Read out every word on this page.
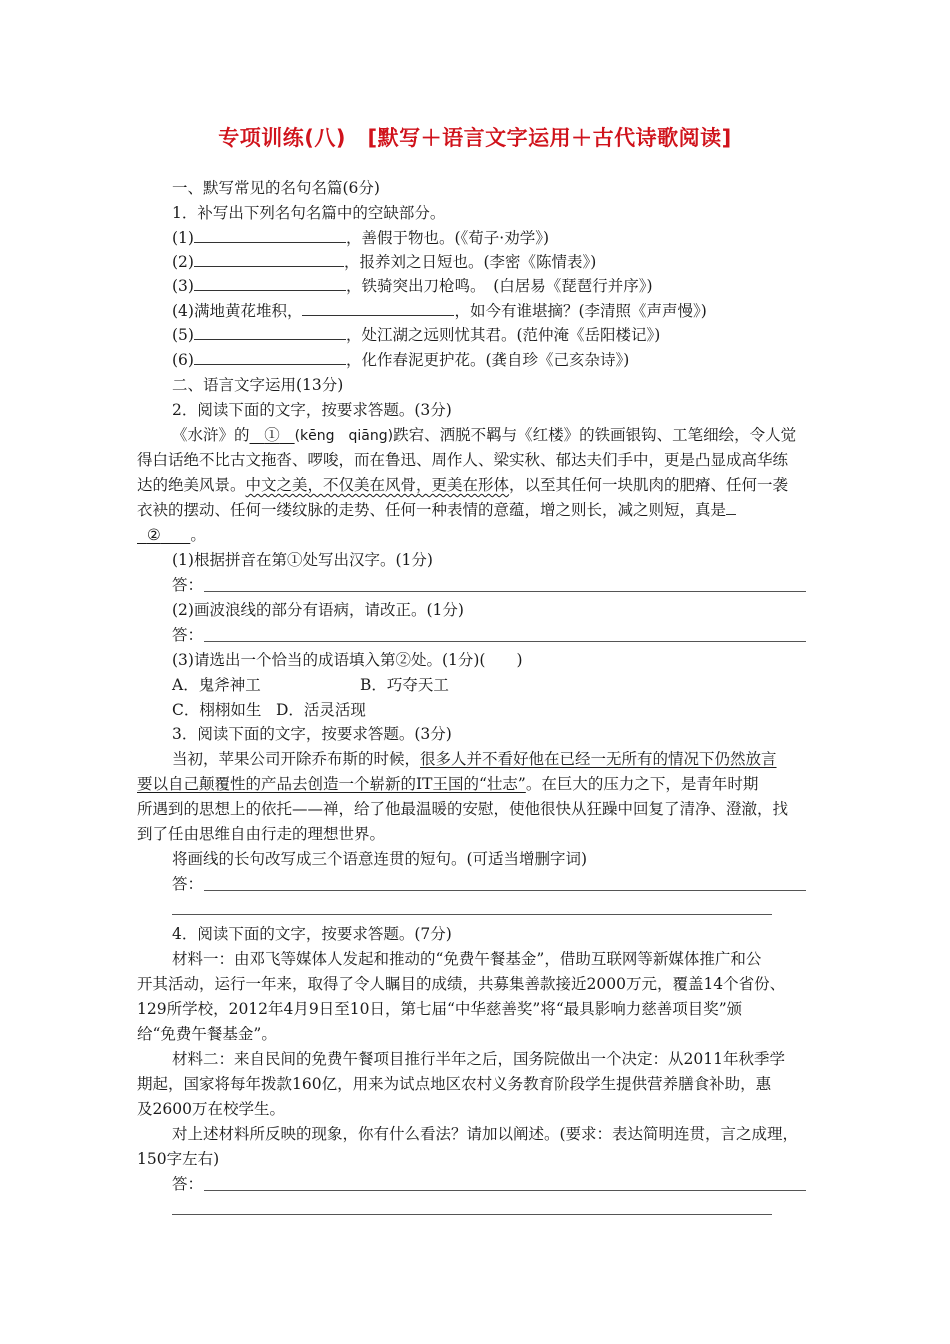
专项训练(八)　[默写＋语言文字运用＋古代诗歌阅读]
一、默写常见的名句名篇(6分)
1．补写出下列名句名篇中的空缺部分。
(1)	，善假于物也。(《荀子·劝学》)
(2)	，报养刘之日短也。(李密《陈情表》)
(3)	，铁骑突出刀枪鸣。　(白居易《琵琶行并序》)
(4)满地黄花堆积，	，如今有谁堪摘？(李清照《声声慢》)
(5)	，处江湖之远则忧其君。(范仲淹《岳阳楼记》)
(6)	，化作春泥更护花。(龚自珍《己亥杂诗》)
二、语言文字运用(13分)
2．阅读下面的文字，按要求答题。(3分)
《水浒》的 ① (kēng　qiāng)跌宕、洒脱不羁与《红楼》的铁画银钩、工笔细绘，令人觉
得白话绝不比古文拖沓、啰唆，而在鲁迅、周作人、梁实秋、郁达夫们手中，更是凸显成高华练
达的绝美风景。中文之美，不仅美在风骨，更美在形体，以至其任何一块肌肉的肥瘠、任何一袭
衣袂的摆动、任何一缕纹脉的走势、任何一种表情的意蕴，增之则长，减之则短，真是
② 。
(1)根据拼音在第①处写出汉字。(1分)
答：
(2)画波浪线的部分有语病，请改正。(1分)
答：
(3)请选出一个恰当的成语填入第②处。(1分)(　　)
A．鬼斧神工	B．巧夺天工
C．栩栩如生 D．活灵活现
3．阅读下面的文字，按要求答题。(3分)
当初，苹果公司开除乔布斯的时候，很多人并不看好他在已经一无所有的情况下仍然放言
要以自己颠覆性的产品去创造一个崭新的IT王国的“壮志”。在巨大的压力之下，是青年时期
所遇到的思想上的依托——禅，给了他最温暖的安慰，使他很快从狂躁中回复了清净、澄澈，找
到了任由思维自由行走的理想世界。
将画线的长句改写成三个语意连贯的短句。(可适当增删字词)
答：
4．阅读下面的文字，按要求答题。(7分)
材料一：由邓飞等媒体人发起和推动的“免费午餐基金”，借助互联网等新媒体推广和公
开其活动，运行一年来，取得了令人瞩目的成绩，共募集善款接近2000万元，覆盖14个省份、
129所学校，2012年4月9日至10日，第七届“中华慈善奖”将“最具影响力慈善项目奖”颁
给“免费午餐基金”。
材料二：来自民间的免费午餐项目推行半年之后，国务院做出一个决定：从2011年秋季学
期起，国家将每年拨款160亿，用来为试点地区农村义务教育阶段学生提供营养膳食补助，惠
及2600万在校学生。
对上述材料所反映的现象，你有什么看法？请加以阐述。(要求：表达简明连贯，言之成理，
150字左右)
答：
